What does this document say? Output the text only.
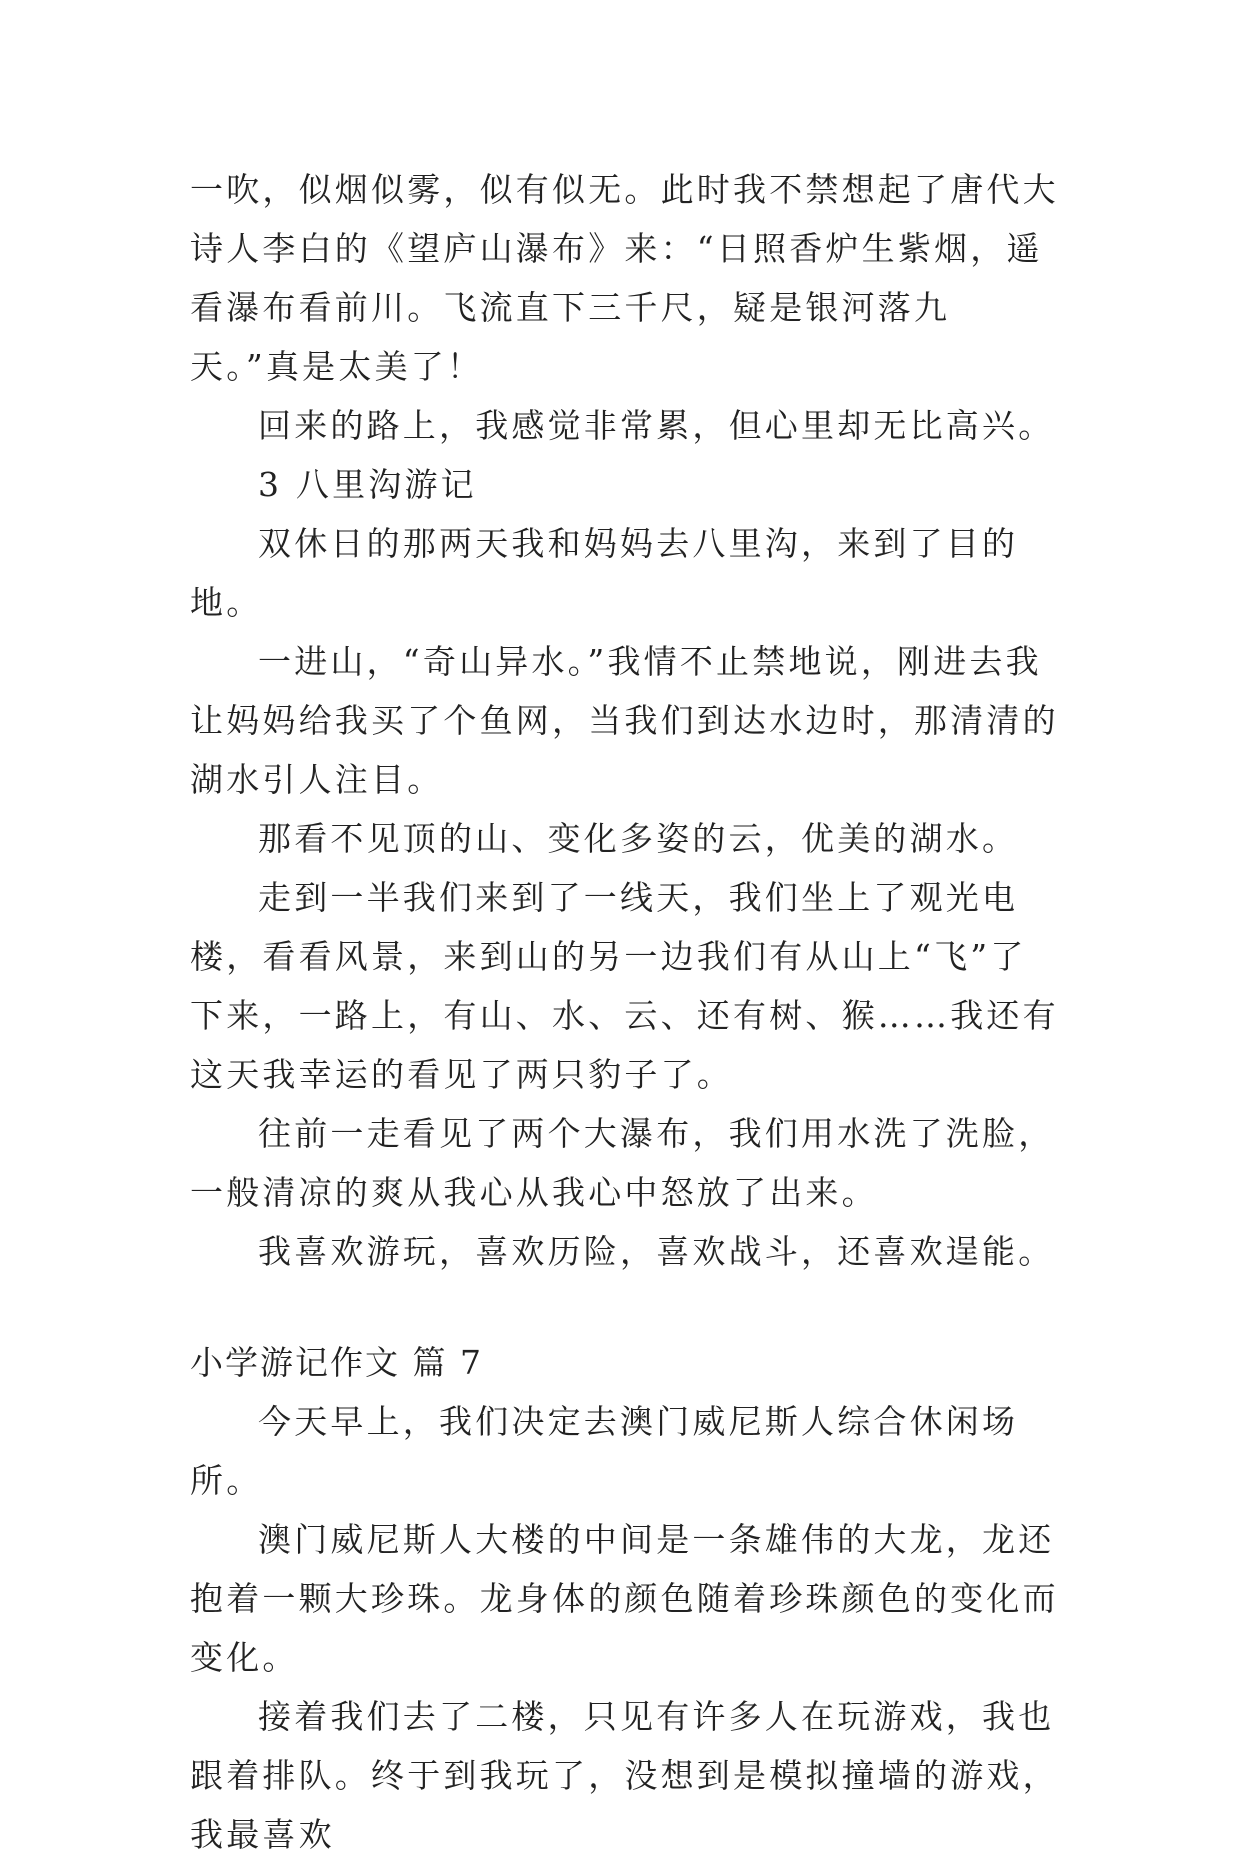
一吹，似烟似雾，似有似无。此时我不禁想起了唐代大诗人李白的《望庐山瀑布》来：“日照香炉生紫烟，遥看瀑布看前川。飞流直下三千尺，疑是银河落九天。”真是太美了！

回来的路上，我感觉非常累，但心里却无比高兴。

3 八里沟游记

双休日的那两天我和妈妈去八里沟，来到了目的地。

一进山，“奇山异水。”我情不止禁地说，刚进去我让妈妈给我买了个鱼网，当我们到达水边时，那清清的湖水引人注目。

那看不见顶的山、变化多姿的云，优美的湖水。

走到一半我们来到了一线天，我们坐上了观光电楼，看看风景，来到山的另一边我们有从山上“飞”了下来，一路上，有山、水、云、还有树、猴……我还有这天我幸运的看见了两只豹子了。

往前一走看见了两个大瀑布，我们用水洗了洗脸，一般清凉的爽从我心从我心中怒放了出来。

我喜欢游玩，喜欢历险，喜欢战斗，还喜欢逞能。

小学游记作文 篇 7

今天早上，我们决定去澳门威尼斯人综合休闲场所。

澳门威尼斯人大楼的中间是一条雄伟的大龙，龙还抱着一颗大珍珠。龙身体的颜色随着珍珠颜色的变化而变化。

接着我们去了二楼，只见有许多人在玩游戏，我也跟着排队。终于到我玩了，没想到是模拟撞墙的游戏，我最喜欢
